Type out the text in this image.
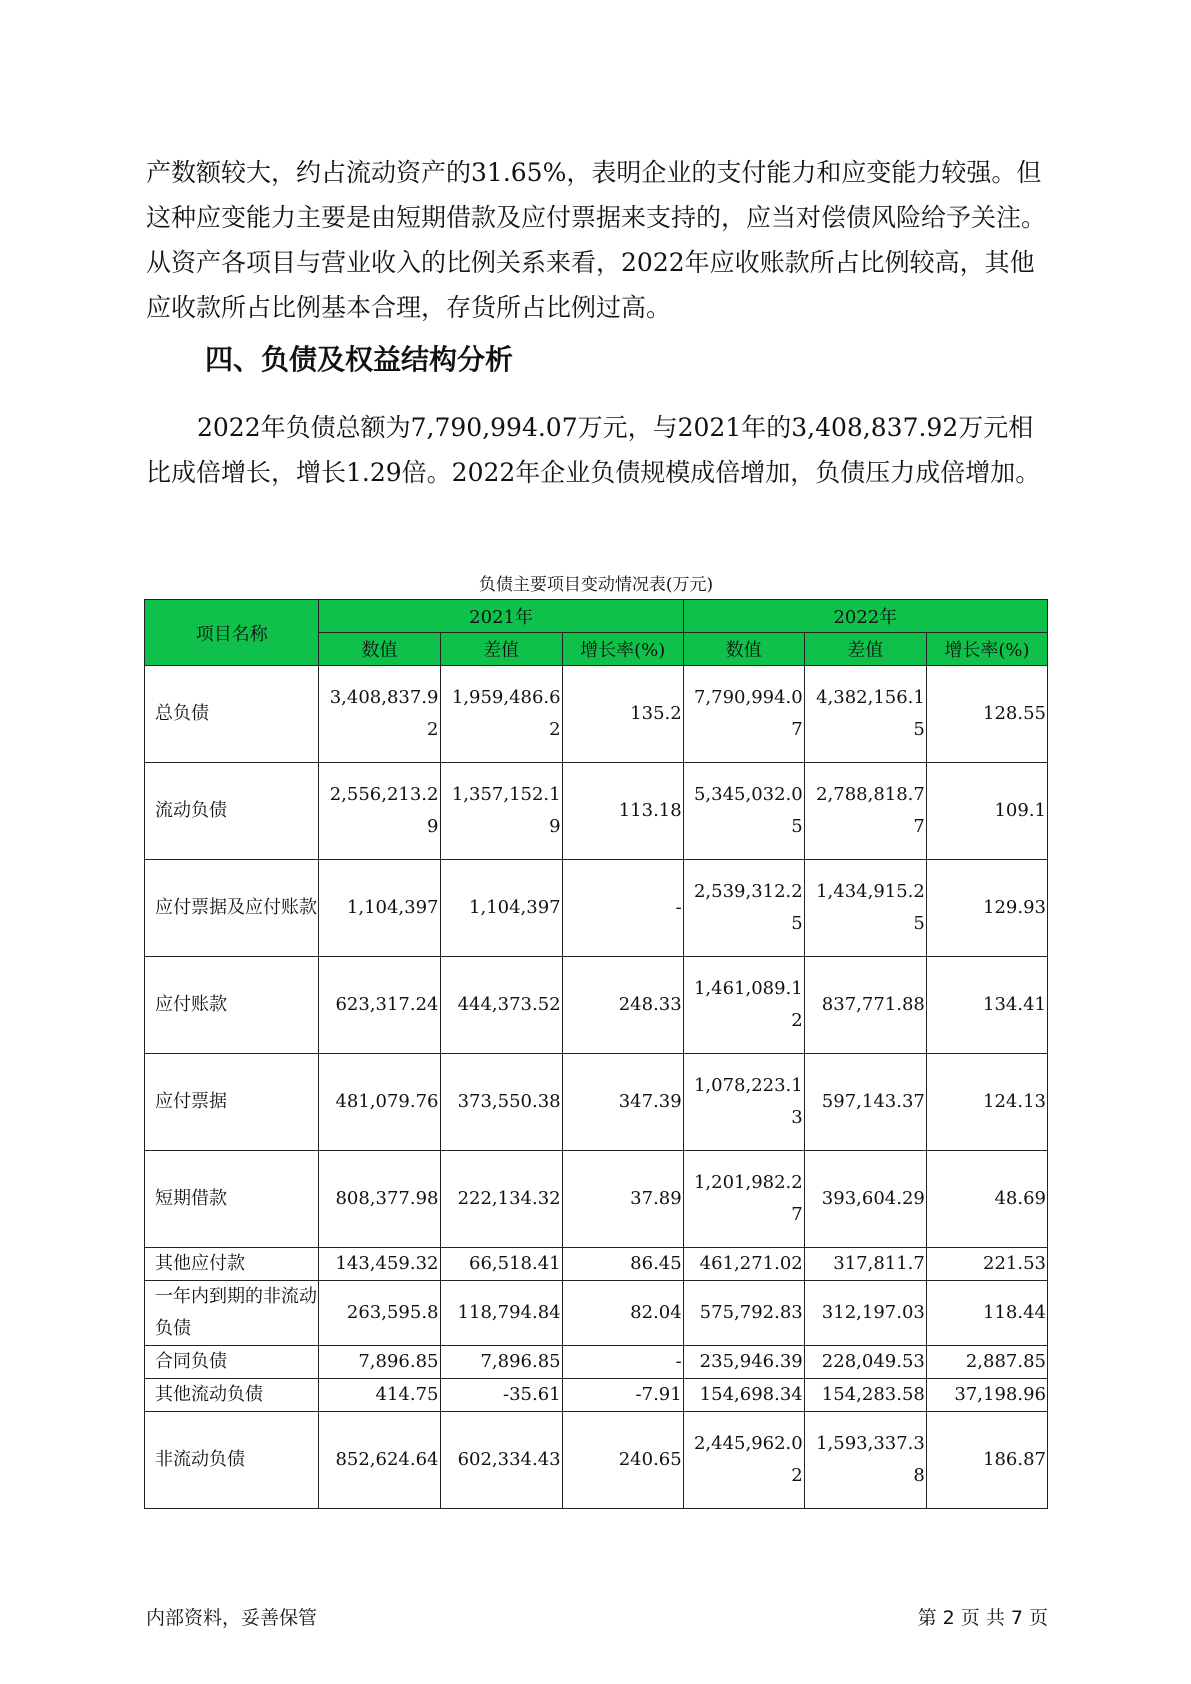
产数额较大，约占流动资产的31.65%，表明企业的支付能力和应变能力较强。但这种应变能力主要是由短期借款及应付票据来支持的，应当对偿债风险给予关注。从资产各项目与营业收入的比例关系来看，2022年应收账款所占比例较高，其他应收款所占比例基本合理，存货所占比例过高。

四、负债及权益结构分析

2022年负债总额为7,790,994.07万元，与2021年的3,408,837.92万元相比成倍增长，增长1.29倍。2022年企业负债规模成倍增加，负债压力成倍增加。

负债主要项目变动情况表(万元)

项目名称	2021年			2022年		
	数值	差值	增长率(%)	数值	差值	增长率(%)
总负债	3,408,837.92	1,959,486.62	135.2	7,790,994.07	4,382,156.15	128.55
流动负债	2,556,213.29	1,357,152.19	113.18	5,345,032.05	2,788,818.77	109.1
应付票据及应付账款	1,104,397	1,104,397	-	2,539,312.25	1,434,915.25	129.93
应付账款	623,317.24	444,373.52	248.33	1,461,089.12	837,771.88	134.41
应付票据	481,079.76	373,550.38	347.39	1,078,223.13	597,143.37	124.13
短期借款	808,377.98	222,134.32	37.89	1,201,982.27	393,604.29	48.69
其他应付款	143,459.32	66,518.41	86.45	461,271.02	317,811.7	221.53
一年内到期的非流动负债	263,595.8	118,794.84	82.04	575,792.83	312,197.03	118.44
合同负债	7,896.85	7,896.85	-	235,946.39	228,049.53	2,887.85
其他流动负债	414.75	-35.61	-7.91	154,698.34	154,283.58	37,198.96
非流动负债	852,624.64	602,334.43	240.65	2,445,962.02	1,593,337.38	186.87

内部资料，妥善保管	第 2 页 共 7 页
